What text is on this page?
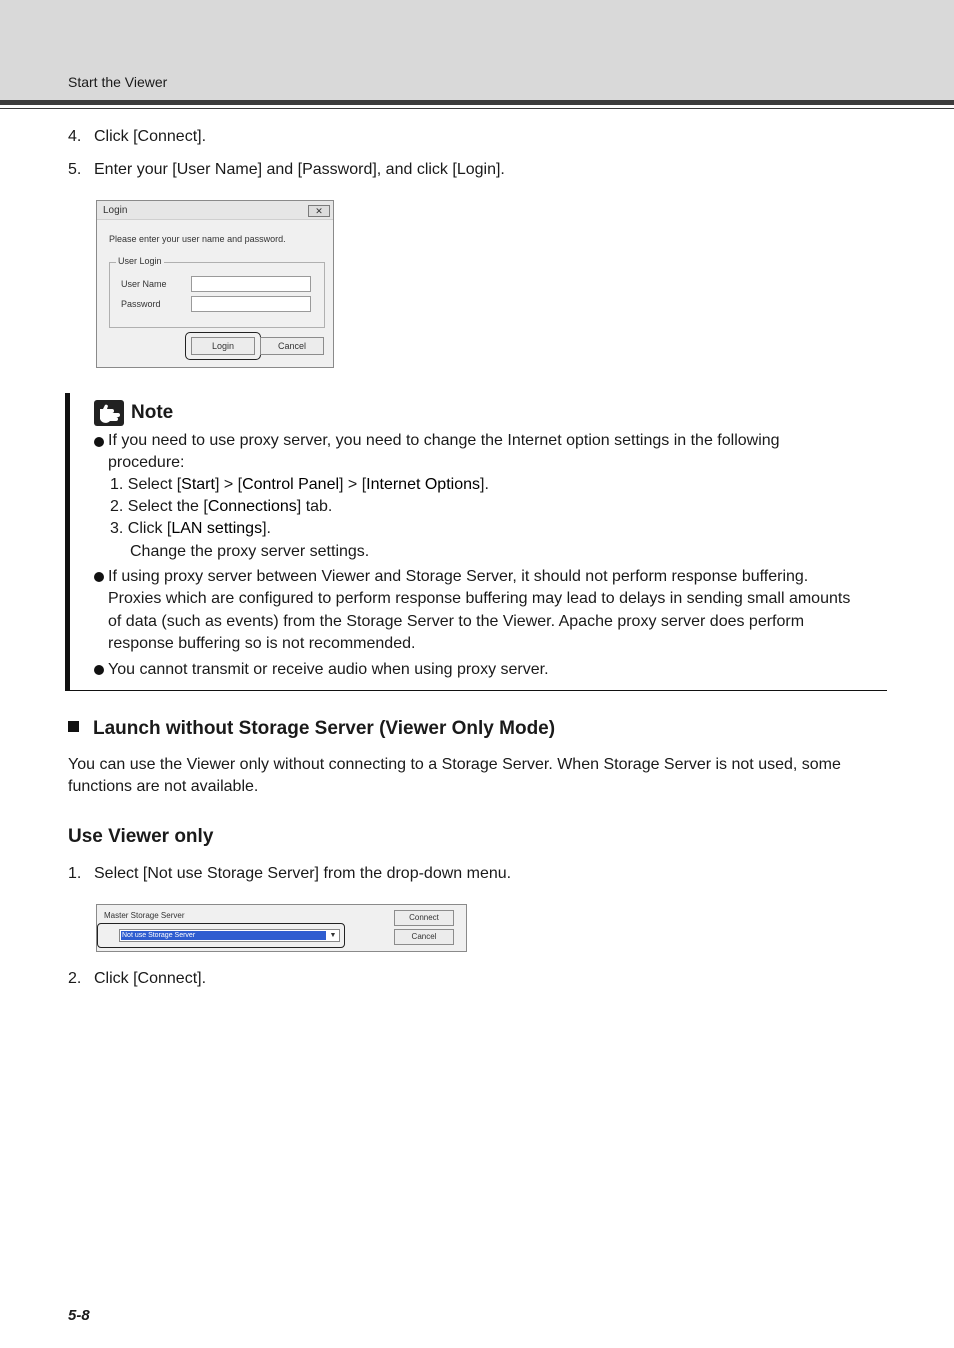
Start the Viewer
4. Click [Connect].
5. Enter your [User Name] and [Password], and click [Login].
Login	✕
Please enter your user name and password.
User Login
User Name
Password
Login	Cancel
Note
If you need to use proxy server, you need to change the Internet option settings in the following
procedure:
1. Select [Start] > [Control Panel] > [Internet Options].
2. Select the [Connections] tab.
3. Click [LAN settings].
Change the proxy server settings.
If using proxy server between Viewer and Storage Server, it should not perform response buffering.
Proxies which are configured to perform response buffering may lead to delays in sending small amounts
of data (such as events) from the Storage Server to the Viewer. Apache proxy server does perform
response buffering so is not recommended.
You cannot transmit or receive audio when using proxy server.
Launch without Storage Server (Viewer Only Mode)
You can use the Viewer only without connecting to a Storage Server. When Storage Server is not used, some
functions are not available.
Use Viewer only
1. Select [Not use Storage Server] from the drop-down menu.
Master Storage Server
Not use Storage Server	▼
Connect
Cancel
2. Click [Connect].
5-8
